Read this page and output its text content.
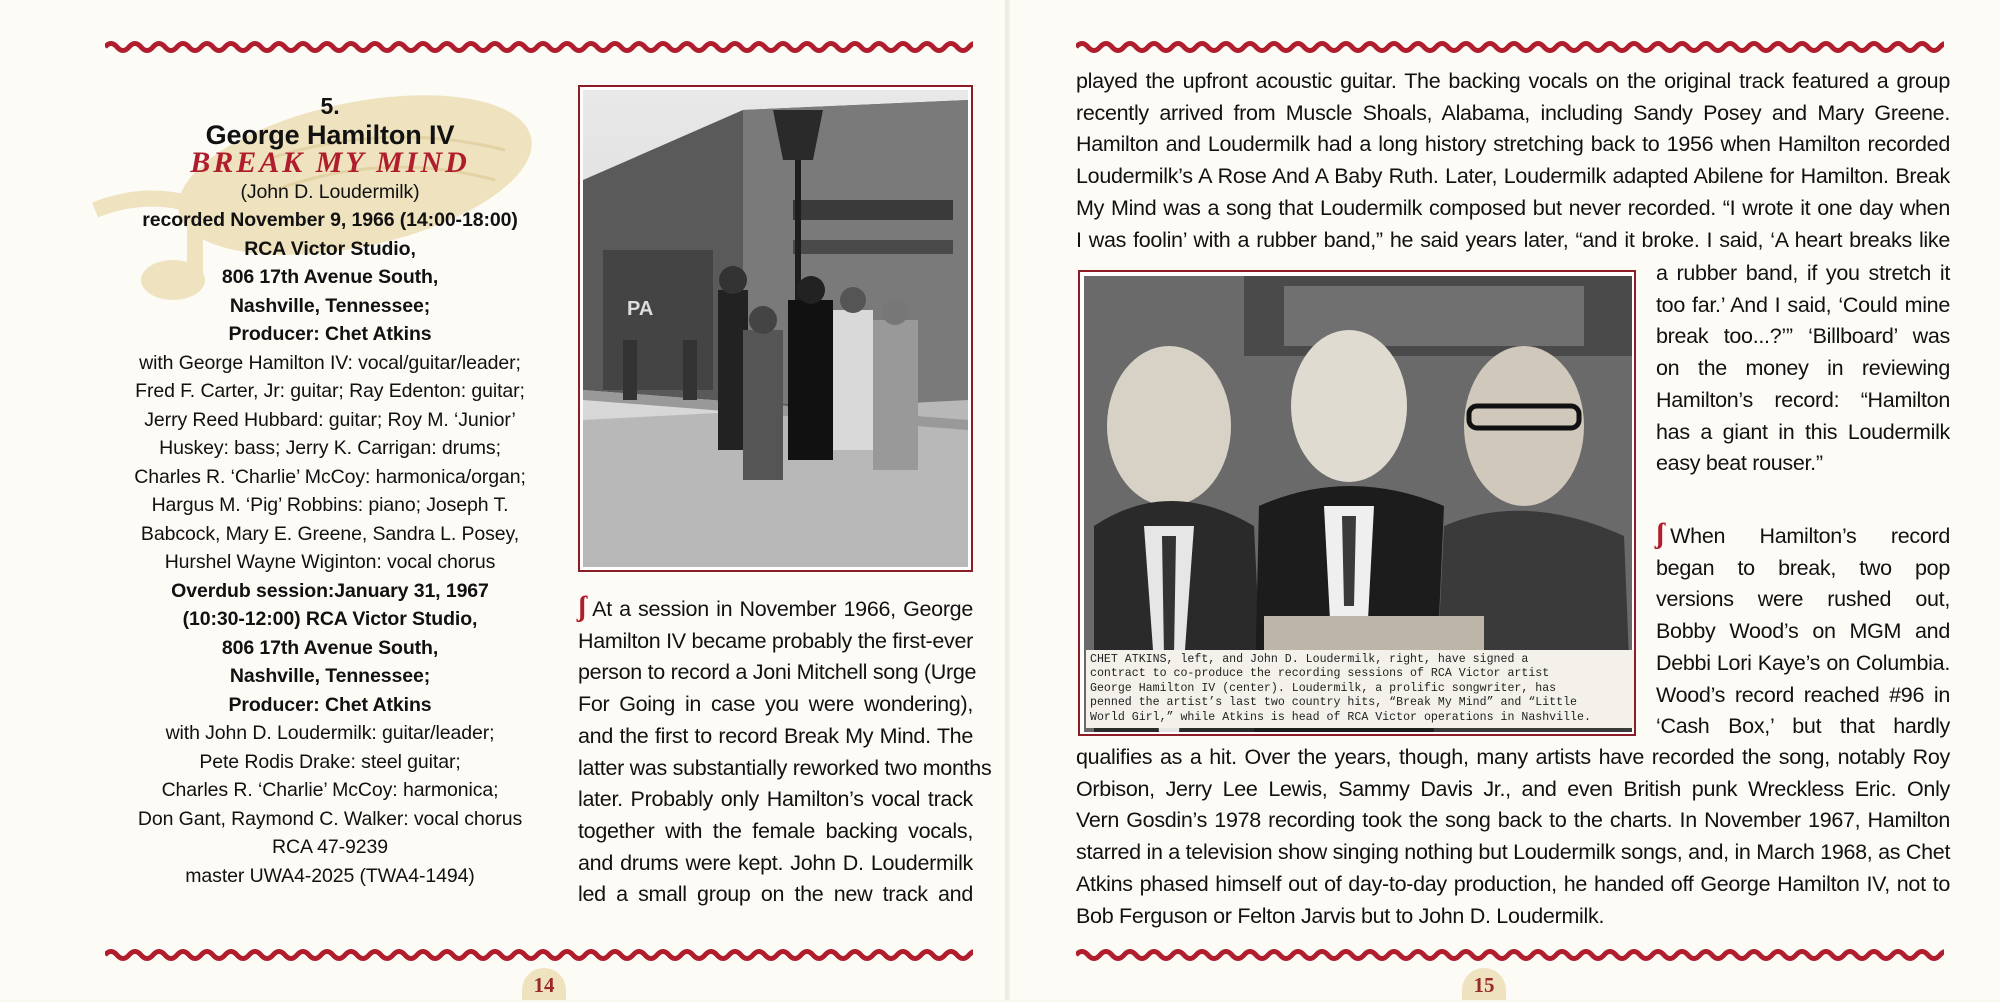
5.
George Hamilton IV
BREAK MY MIND
(John D. Loudermilk)
recorded November 9, 1966 (14:00-18:00)
RCA Victor Studio,
806 17th Avenue South,
Nashville, Tennessee;
Producer: Chet Atkins
with George Hamilton IV: vocal/guitar/leader;
Fred F. Carter, Jr: guitar; Ray Edenton: guitar;
Jerry Reed Hubbard: guitar; Roy M. ‘Junior’
Huskey: bass; Jerry K. Carrigan: drums;
Charles R. ‘Charlie’ McCoy: harmonica/organ;
Hargus M. ‘Pig’ Robbins: piano; Joseph T.
Babcock, Mary E. Greene, Sandra L. Posey,
Hurshel Wayne Wiginton: vocal chorus
Overdub session:January 31, 1967
(10:30-12:00) RCA Victor Studio,
806 17th Avenue South,
Nashville, Tennessee;
Producer: Chet Atkins
with John D. Loudermilk: guitar/leader;
Pete Rodis Drake: steel guitar;
Charles R. ‘Charlie’ McCoy: harmonica;
Don Gant, Raymond C. Walker: vocal chorus
RCA 47-9239
master UWA4-2025 (TWA4-1494)
PA
ʃ At a session in November 1966, George
Hamilton IV became probably the first-ever
person to record a Joni Mitchell song (Urge
For Going in case you were wondering),
and the first to record Break My Mind. The
latter was substantially reworked two months
later. Probably only Hamilton’s vocal track
together with the female backing vocals,
and drums were kept. John D. Loudermilk
led a small group on the new track and
14
played the upfront acoustic guitar. The backing vocals on the original track featured a group
recently arrived from Muscle Shoals, Alabama, including Sandy Posey and Mary Greene.
Hamilton and Loudermilk had a long history stretching back to 1956 when Hamilton recorded
Loudermilk’s A Rose And A Baby Ruth. Later, Loudermilk adapted Abilene for Hamilton. Break
My Mind was a song that Loudermilk composed but never recorded. “I wrote it one day when
I was foolin’ with a rubber band,” he said years later, “and it broke. I said, ‘A heart breaks like
a rubber band, if you stretch it
too far.’ And I said, ‘Could mine
break too...?’” ‘Billboard’ was
on the money in reviewing
Hamilton’s record: “Hamilton
has a giant in this Loudermilk
easy beat rouser.”
ʃ When Hamilton’s record
began to break, two pop
versions were rushed out,
Bobby Wood’s on MGM and
Debbi Lori Kaye’s on Columbia.
Wood’s record reached #96 in
‘Cash Box,’ but that hardly
qualifies as a hit. Over the years, though, many artists have recorded the song, notably Roy
Orbison, Jerry Lee Lewis, Sammy Davis Jr., and even British punk Wreckless Eric. Only
Vern Gosdin’s 1978 recording took the song back to the charts. In November 1967, Hamilton
starred in a television show singing nothing but Loudermilk songs, and, in March 1968, as Chet
Atkins phased himself out of day-to-day production, he handed off George Hamilton IV, not to
Bob Ferguson or Felton Jarvis but to John D. Loudermilk.
15
CHET ATKINS, left, and John D. Loudermilk, right, have signed a
contract to co-produce the recording sessions of RCA Victor artist
George Hamilton IV (center). Loudermilk, a prolific songwriter, has
penned the artist’s last two country hits, “Break My Mind” and “Little
World Girl,” while Atkins is head of RCA Victor operations in Nashville.
